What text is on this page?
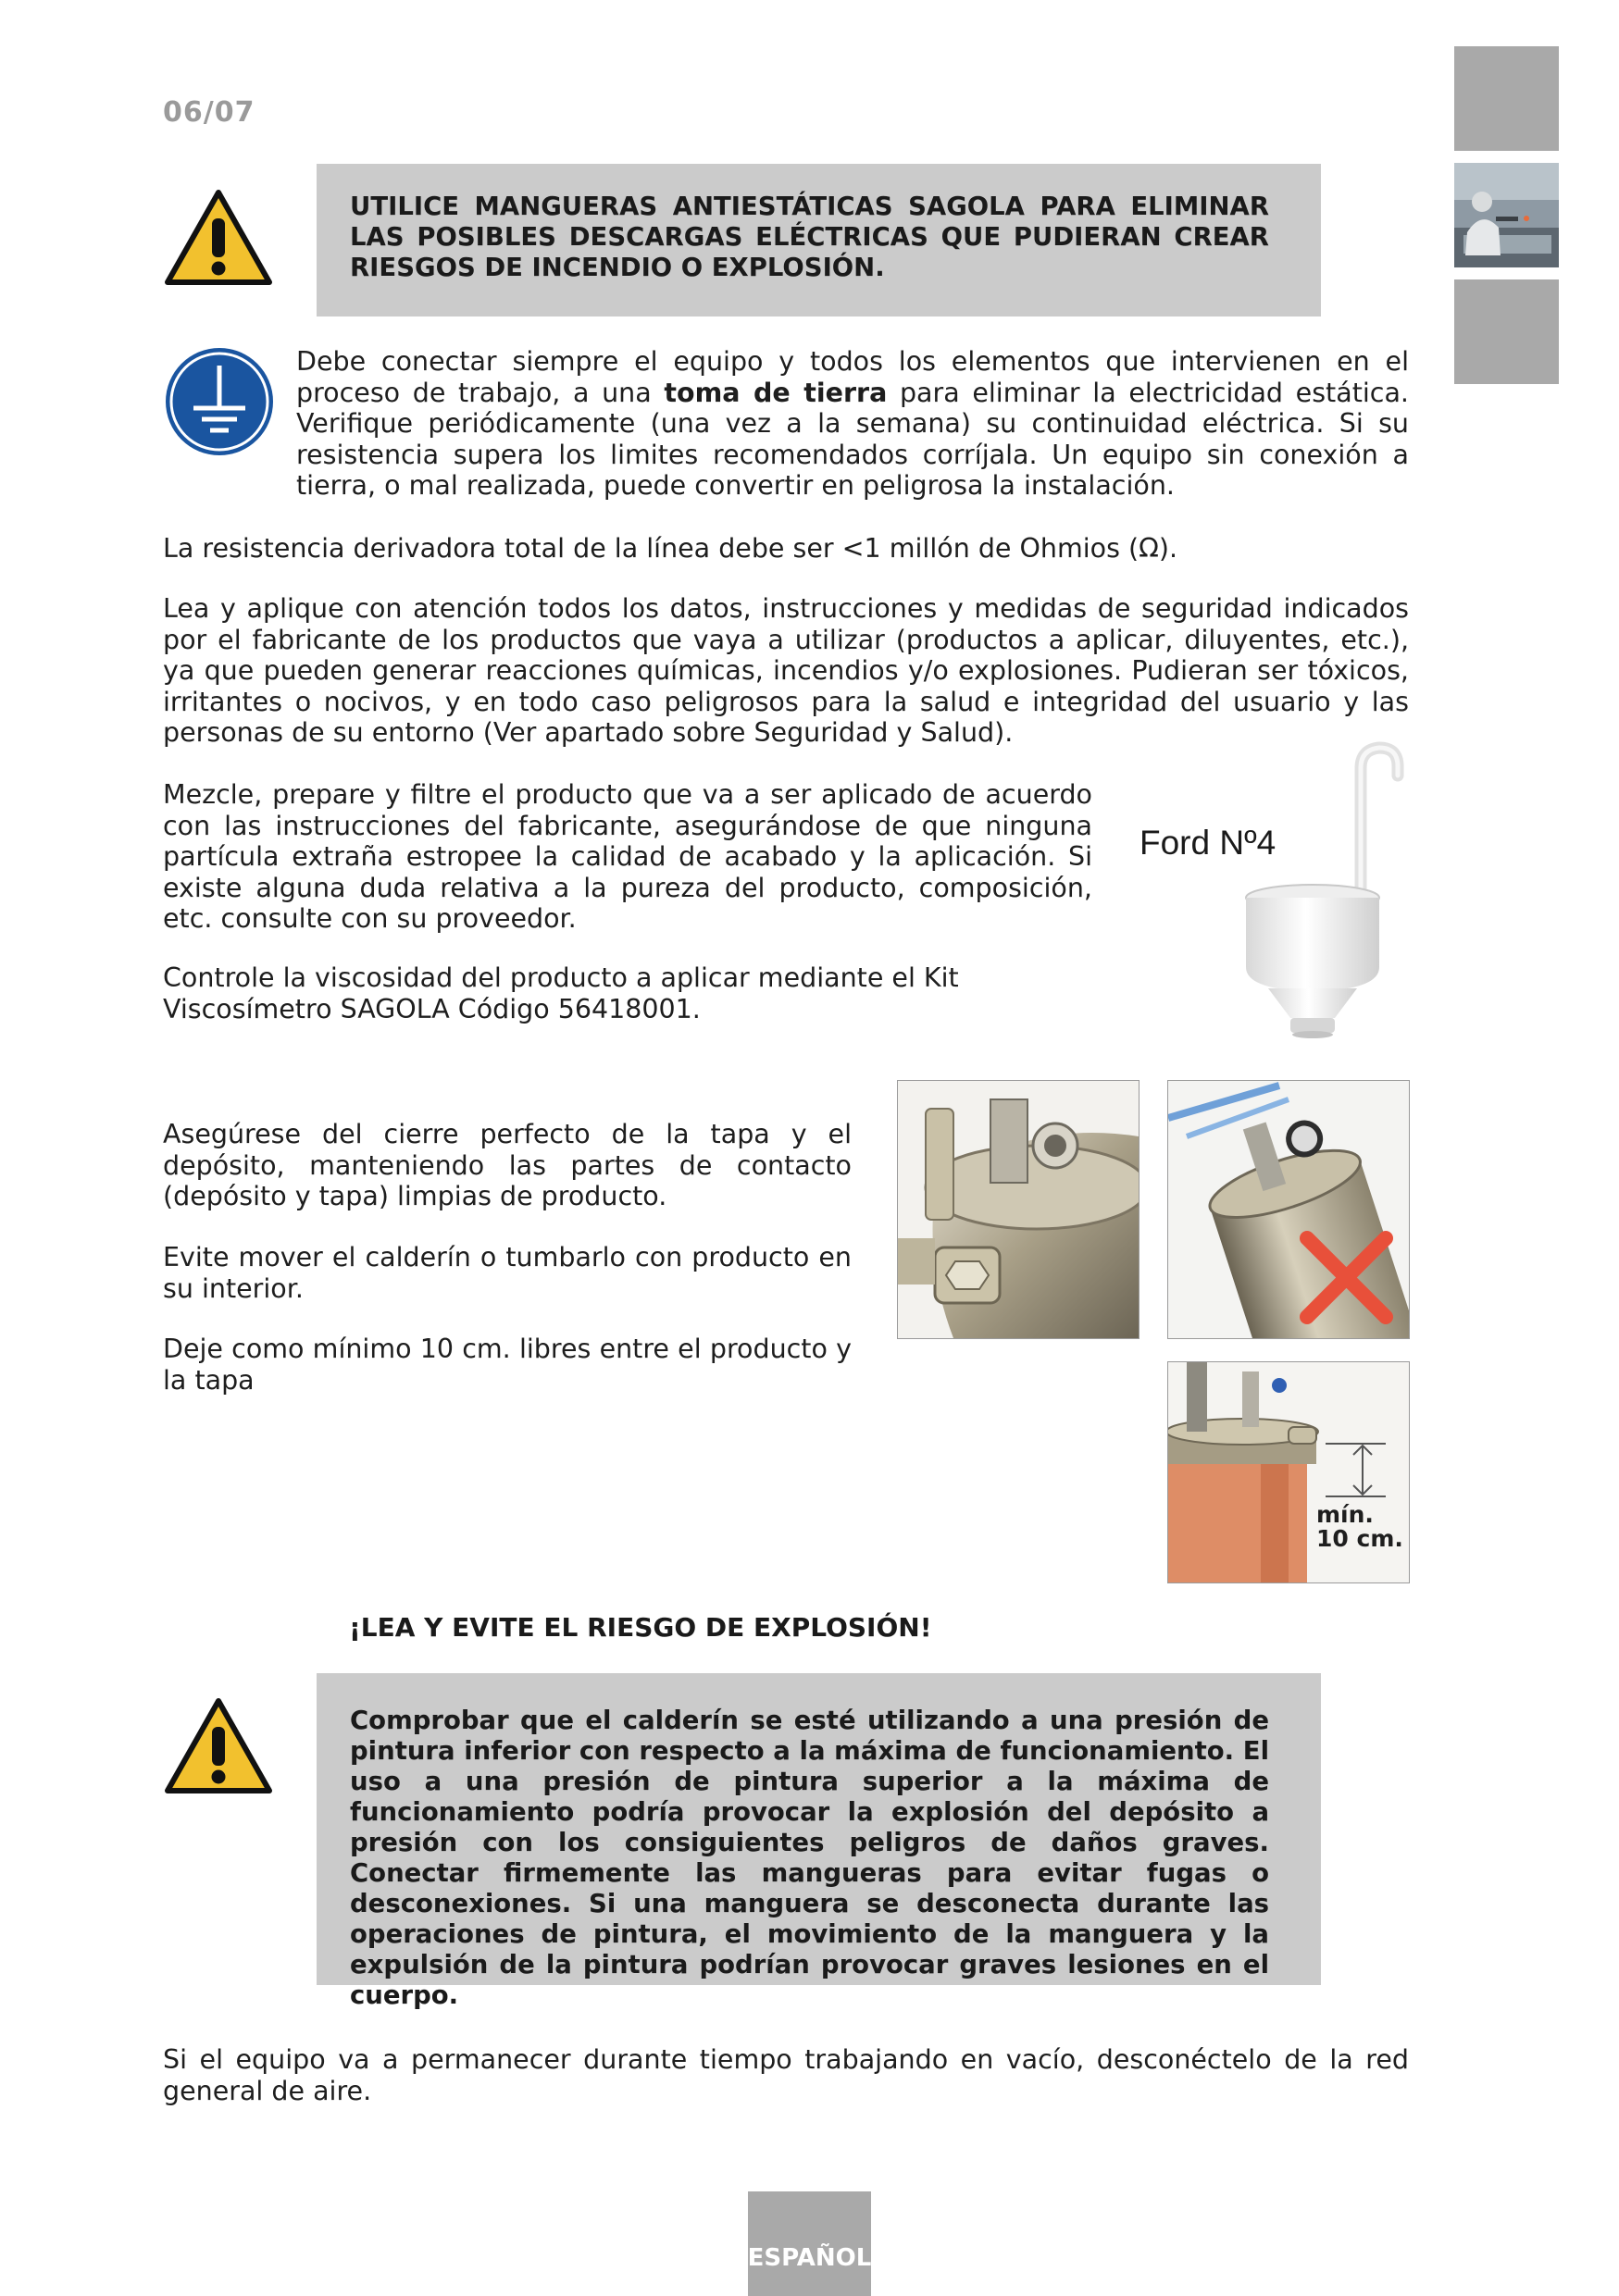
06/07
UTILICE MANGUERAS ANTIESTÁTICAS SAGOLA PARA ELIMINAR LAS POSIBLES DESCARGAS ELÉCTRICAS QUE PUDIERAN CREAR RIESGOS DE INCENDIO O EXPLOSIÓN.
Debe conectar siempre el equipo y todos los elementos que intervienen en el proceso de trabajo, a una toma de tierra para eliminar la electricidad estática. Verifique periódicamente (una vez a la semana) su continuidad eléctrica. Si su resistencia supera los limites recomendados corríjala. Un equipo sin conexión a tierra, o mal realizada, puede convertir en peligrosa la instalación.
La resistencia derivadora total de la línea debe ser <1 millón de Ohmios (Ω).
Lea y aplique con atención todos los datos, instrucciones y medidas de seguridad indicados por el fabricante de los productos que vaya a utilizar (productos a aplicar, diluyentes, etc.), ya que pueden generar reacciones químicas, incendios y/o explosiones. Pudieran ser tóxicos, irritantes o nocivos, y en todo caso peligrosos para la salud e integridad del usuario y las personas de su entorno (Ver apartado sobre Seguridad y Salud).
Mezcle, prepare y filtre el producto que va a ser aplicado de acuerdo con las instrucciones del fabricante, asegurándose de que ninguna partícula extraña estropee la calidad de acabado y la aplicación. Si existe alguna duda relativa a la pureza del producto, composición, etc. consulte con su proveedor.
Controle la viscosidad del producto a aplicar mediante el Kit Viscosímetro SAGOLA Código 56418001.
Ford Nº4
Asegúrese del cierre perfecto de la tapa y el depósito, manteniendo las partes de contacto (depósito y tapa) limpias de producto.
Evite mover el calderín o tumbarlo con producto en su interior.
Deje como mínimo 10 cm. libres entre el producto y la tapa
mín.
10 cm.
¡LEA Y EVITE EL RIESGO DE EXPLOSIÓN!
Comprobar que el calderín se esté utilizando a una presión de pintura inferior con respecto a la máxima de funcionamiento. El uso a una presión de pintura superior a la máxima de funcionamiento podría provocar la explosión del depósito a presión con los consiguientes peligros de daños graves. Conectar firmemente las mangueras para evitar fugas o desconexiones. Si una manguera se desconecta durante las operaciones de pintura, el movimiento de la manguera y la expulsión de la pintura podrían provocar graves lesiones en el cuerpo.
Si el equipo va a permanecer durante tiempo trabajando en vacío, desconéctelo de la red general de aire.
ESPAÑOL
